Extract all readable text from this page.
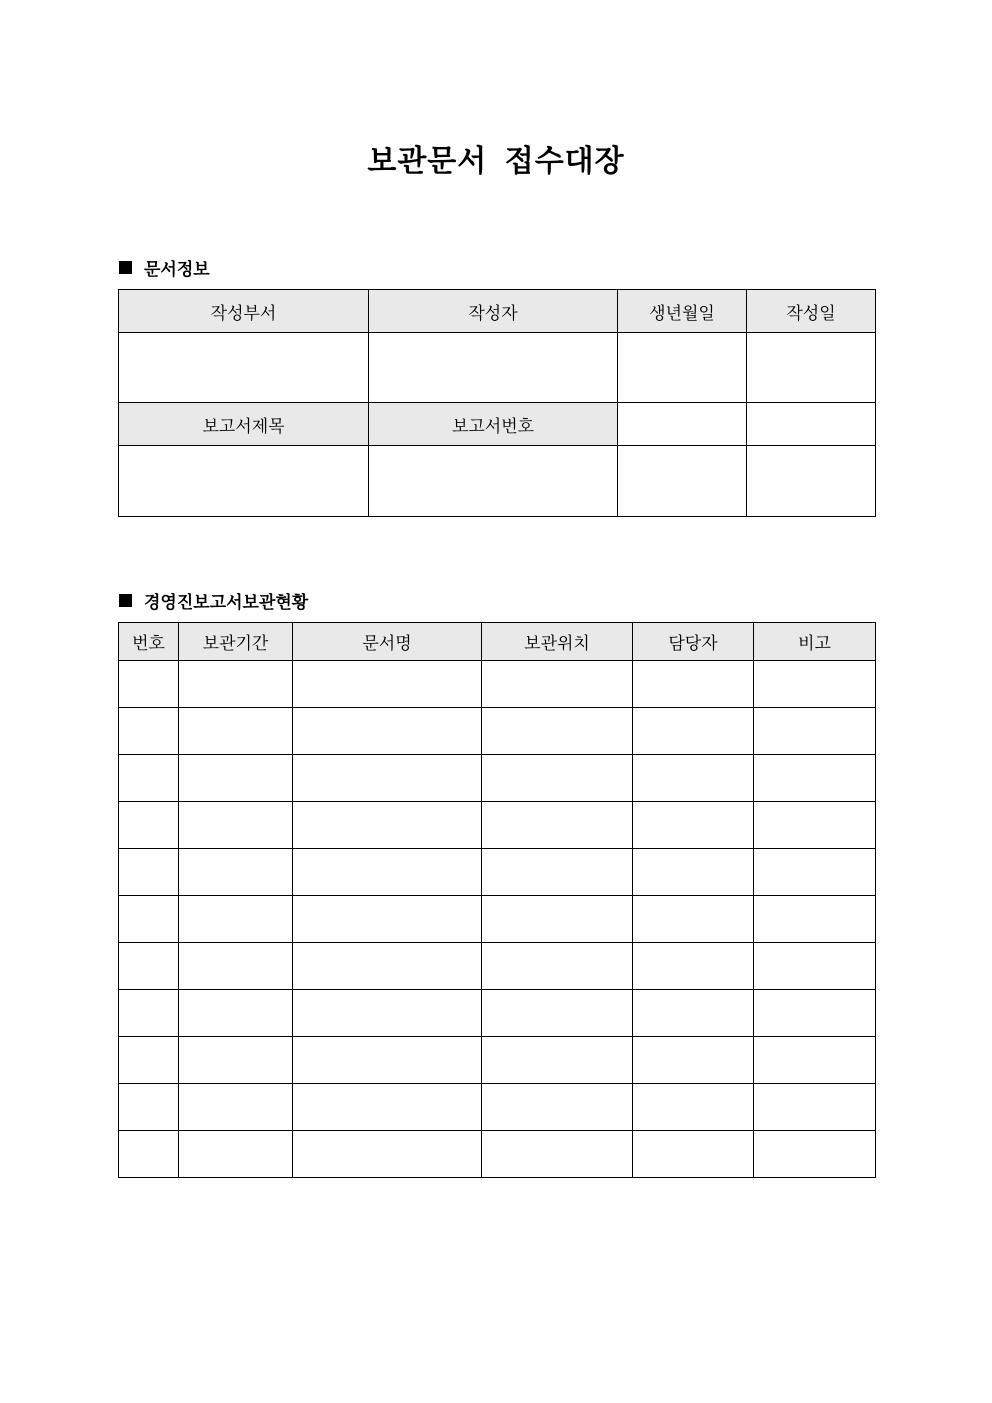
보관문서 접수대장
문서정보
작성부서	작성자	생년월일	작성일

보고서제목	보고서번호		

경영진보고서보관현황
번호	보관기간	문서명	보관위치	담당자	비고
